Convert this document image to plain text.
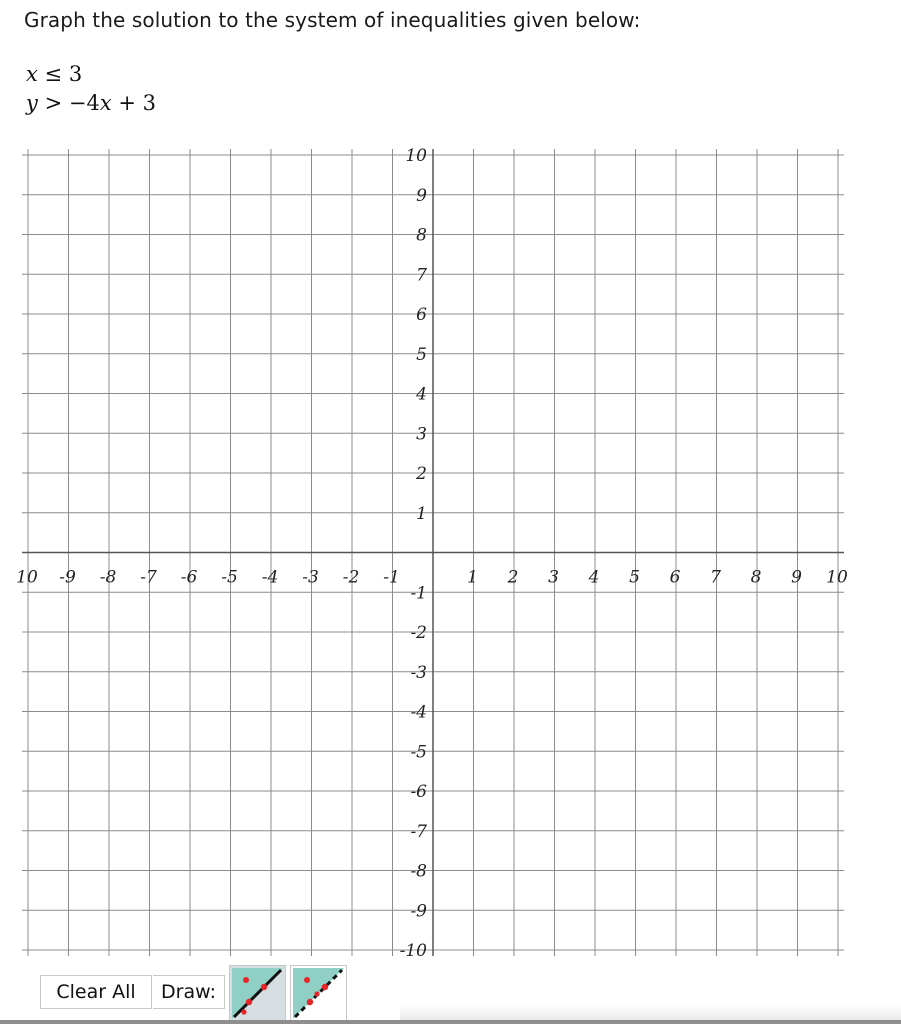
Graph the solution to the system of inequalities given below:
x ≤ 3
y > −4x + 3
10 -9 -8 -7 -6 -5 -4 -3 -2 -1	1 2 3 4 5 6 7 8 9 10
10
9
8
7
6
5
4
3
2
1
-1
-2
-3
-4
-5
-6
-7
-8
-9
-10
Clear All	Draw:
